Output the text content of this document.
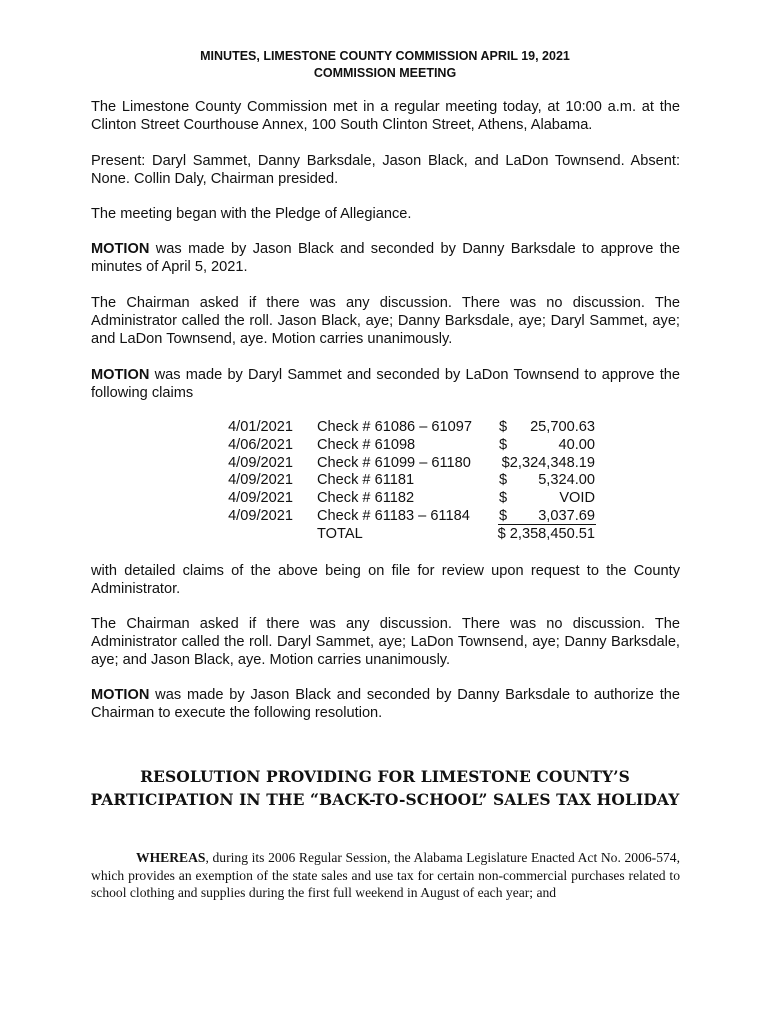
MINUTES, LIMESTONE COUNTY COMMISSION APRIL 19, 2021
COMMISSION MEETING
The Limestone County Commission met in a regular meeting today, at 10:00 a.m. at the Clinton Street Courthouse Annex, 100 South Clinton Street, Athens, Alabama.
Present: Daryl Sammet, Danny Barksdale, Jason Black, and LaDon Townsend. Absent: None. Collin Daly, Chairman presided.
The meeting began with the Pledge of Allegiance.
MOTION was made by Jason Black and seconded by Danny Barksdale to approve the minutes of April 5, 2021.
The Chairman asked if there was any discussion. There was no discussion. The Administrator called the roll. Jason Black, aye; Danny Barksdale, aye; Daryl Sammet, aye; and LaDon Townsend, aye. Motion carries unanimously.
MOTION was made by Daryl Sammet and seconded by LaDon Townsend to approve the following claims
4/01/2021 Check # 61086 – 61097 $ 25,700.63
4/06/2021 Check # 61098	$	40.00
4/09/2021 Check # 61099 – 61180 $2,324,348.19
4/09/2021 Check # 61181	$ 5,324.00
4/09/2021 Check # 61182	$	VOID
4/09/2021 Check # 61183 – 61184 $ 3,037.69
TOTAL	$ 2,358,450.51
with detailed claims of the above being on file for review upon request to the County Administrator.
The Chairman asked if there was any discussion. There was no discussion. The Administrator called the roll. Daryl Sammet, aye; LaDon Townsend, aye; Danny Barksdale, aye; and Jason Black, aye. Motion carries unanimously.
MOTION was made by Jason Black and seconded by Danny Barksdale to authorize the Chairman to execute the following resolution.
RESOLUTION PROVIDING FOR LIMESTONE COUNTY’S
PARTICIPATION IN THE “BACK-TO-SCHOOL” SALES TAX HOLIDAY
WHEREAS, during its 2006 Regular Session, the Alabama Legislature Enacted Act No. 2006-574, which provides an exemption of the state sales and use tax for certain non-commercial purchases related to school clothing and supplies during the first full weekend in August of each year; and
